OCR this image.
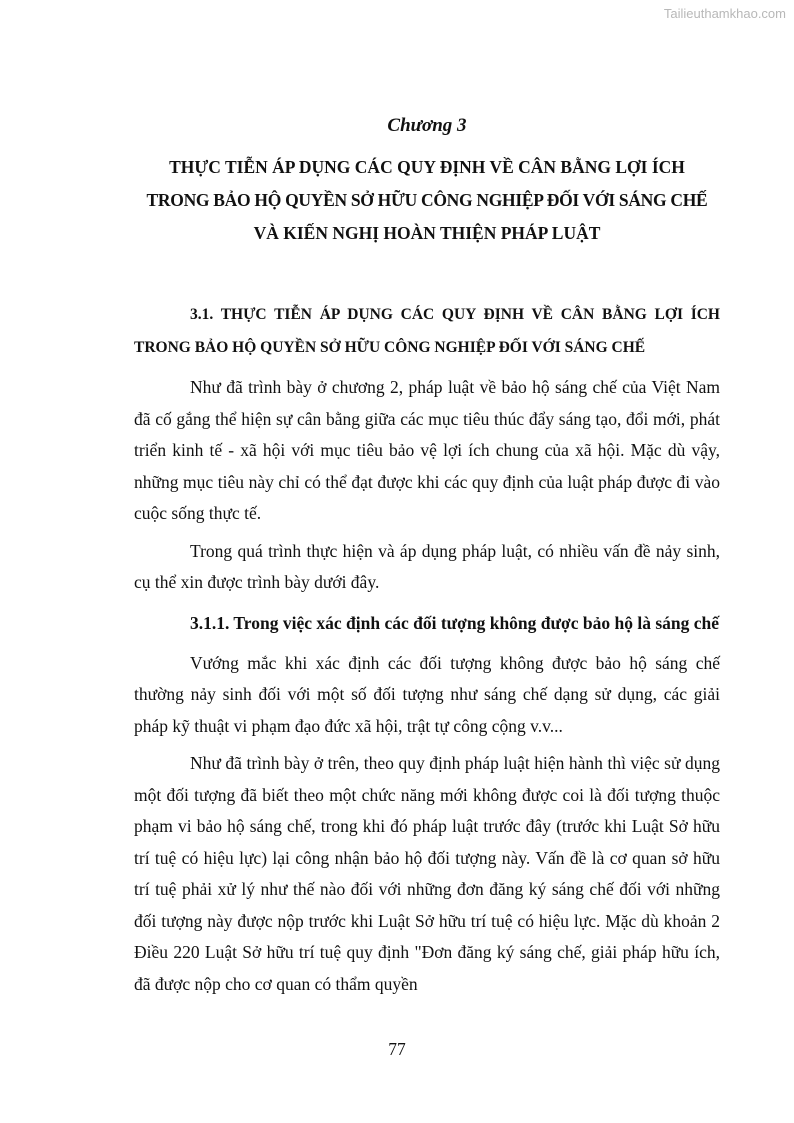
Tailieuthamkhao.com

Chương 3

THỰC TIỄN ÁP DỤNG CÁC QUY ĐỊNH VỀ CÂN BẰNG LỢI ÍCH

TRONG BẢO HỘ QUYỀN SỞ HỮU CÔNG NGHIỆP ĐỐI VỚI SÁNG CHẾ

VÀ KIẾN NGHỊ HOÀN THIỆN PHÁP LUẬT

3.1. THỰC TIỄN ÁP DỤNG CÁC QUY ĐỊNH VỀ CÂN BẰNG LỢI ÍCH TRONG BẢO HỘ QUYỀN SỞ HỮU CÔNG NGHIỆP ĐỐI VỚI SÁNG CHẾ

Như đã trình bày ở chương 2, pháp luật về bảo hộ sáng chế của Việt Nam đã cố gắng thể hiện sự cân bằng giữa các mục tiêu thúc đẩy sáng tạo, đổi mới, phát triển kinh tế - xã hội với mục tiêu bảo vệ lợi ích chung của xã hội. Mặc dù vậy, những mục tiêu này chỉ có thể đạt được khi các quy định của luật pháp được đi vào cuộc sống thực tế.

Trong quá trình thực hiện và áp dụng pháp luật, có nhiều vấn đề nảy sinh, cụ thể xin được trình bày dưới đây.

3.1.1. Trong việc xác định các đối tượng không được bảo hộ là sáng chế

Vướng mắc khi xác định các đối tượng không được bảo hộ sáng chế thường nảy sinh đối với một số đối tượng như sáng chế dạng sử dụng, các giải pháp kỹ thuật vi phạm đạo đức xã hội, trật tự công cộng v.v...

Như đã trình bày ở trên, theo quy định pháp luật hiện hành thì việc sử dụng một đối tượng đã biết theo một chức năng mới không được coi là đối tượng thuộc phạm vi bảo hộ sáng chế, trong khi đó pháp luật trước đây (trước khi Luật Sở hữu trí tuệ có hiệu lực) lại công nhận bảo hộ đối tượng này. Vấn đề là cơ quan sở hữu trí tuệ phải xử lý như thế nào đối với những đơn đăng ký sáng chế đối với những đối tượng này được nộp trước khi Luật Sở hữu trí tuệ có hiệu lực. Mặc dù khoản 2 Điều 220 Luật Sở hữu trí tuệ quy định "Đơn đăng ký sáng chế, giải pháp hữu ích, đã được nộp cho cơ quan có thẩm quyền

77
